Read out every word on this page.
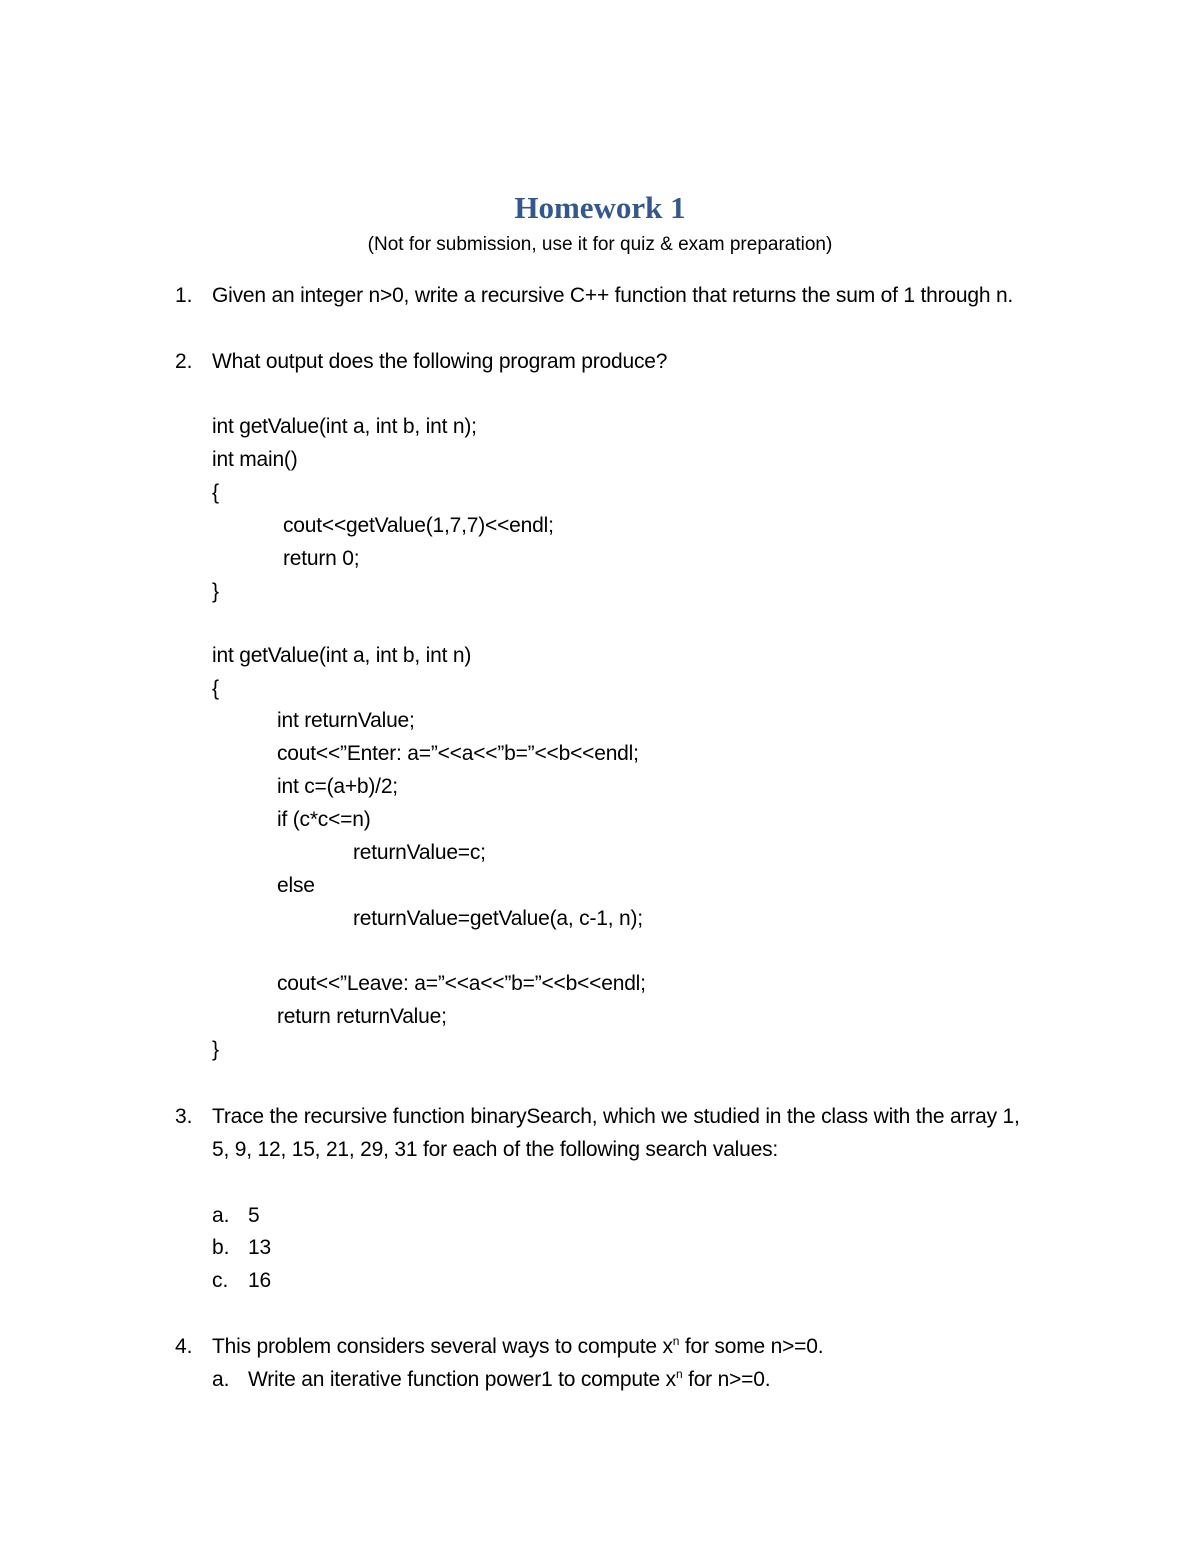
Homework 1
(Not for submission, use it for quiz & exam preparation)
1. Given an integer n>0, write a recursive C++ function that returns the sum of 1 through n.
2. What output does the following program produce?
int getValue(int a, int b, int n);
int main()
{
cout<<getValue(1,7,7)<<endl;
return 0;
}
int getValue(int a, int b, int n)
{
int returnValue;
cout<<”Enter: a=”<<a<<”b=”<<b<<endl;
int c=(a+b)/2;
if (c*c<=n)
returnValue=c;
else
returnValue=getValue(a, c-1, n);
cout<<”Leave: a=”<<a<<”b=”<<b<<endl;
return returnValue;
}
3. Trace the recursive function binarySearch, which we studied in the class with the array 1,
5, 9, 12, 15, 21, 29, 31 for each of the following search values:
a. 5
b. 13
c. 16
4. This problem considers several ways to compute $x^n$ for some n>=0.
a. Write an iterative function power1 to compute $x^n$ for n>=0.
